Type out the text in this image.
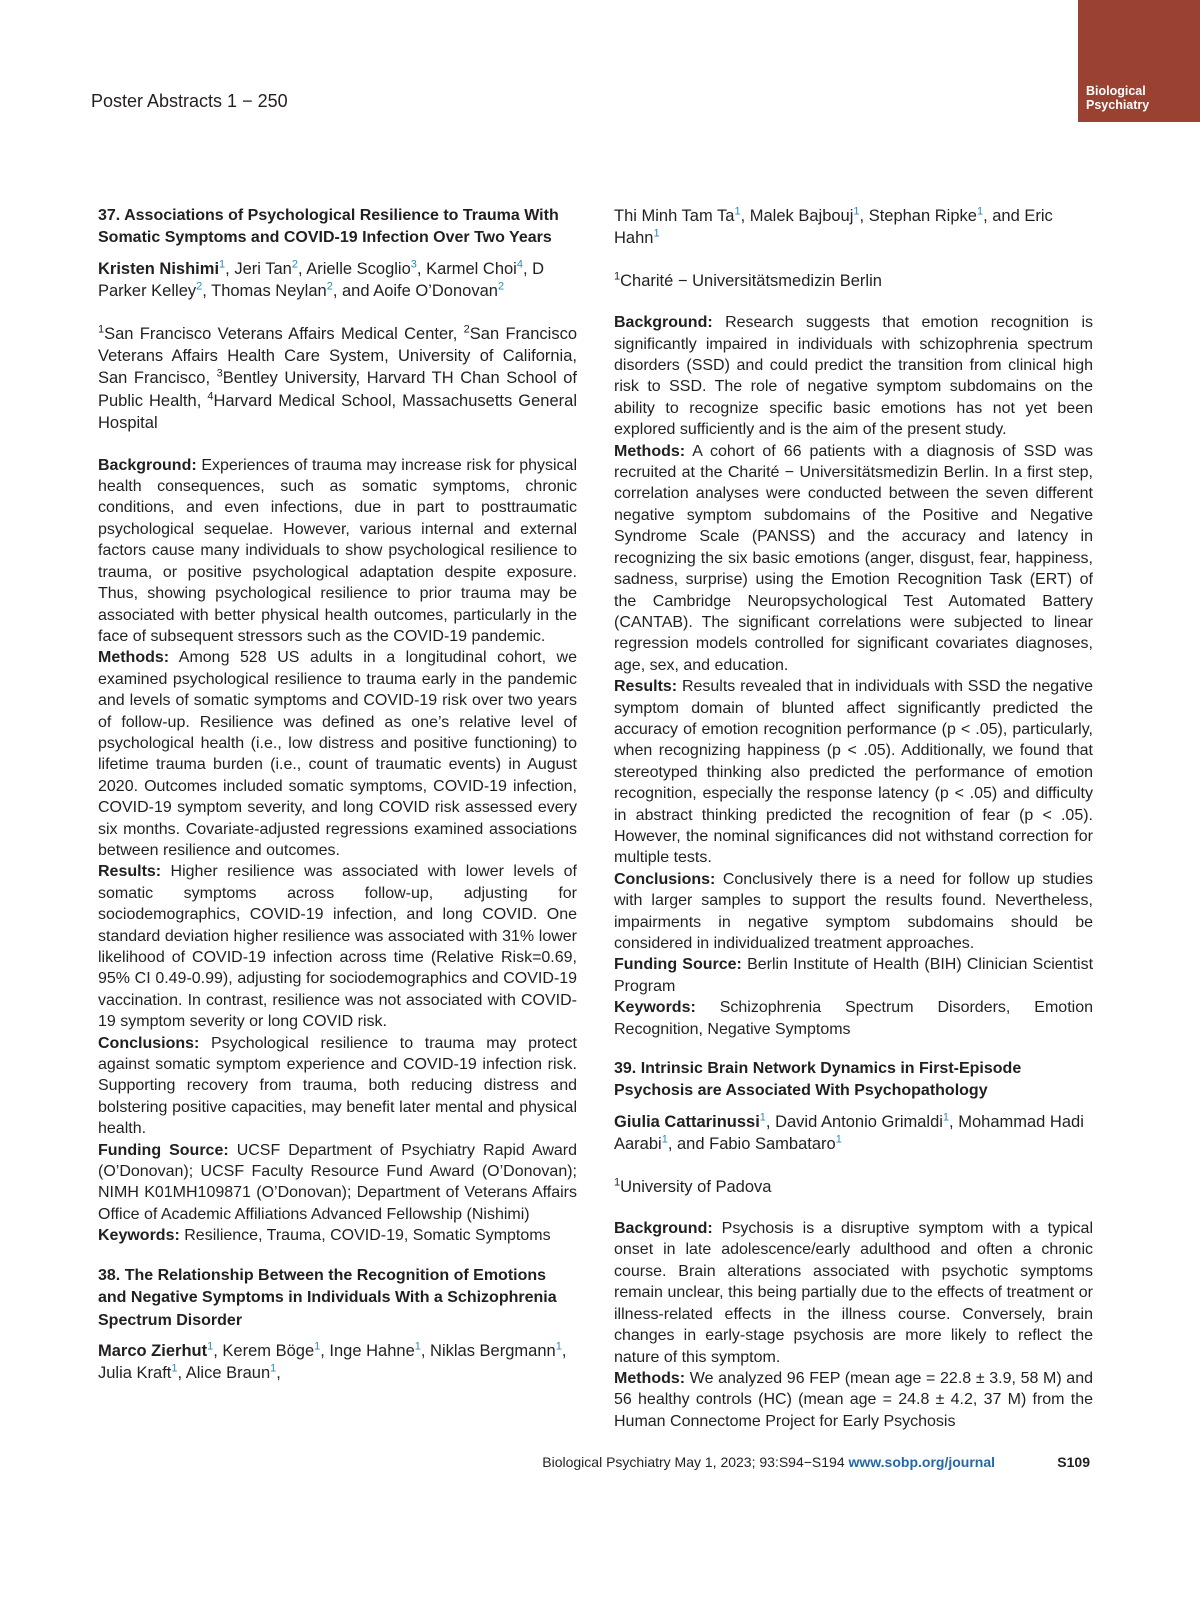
Poster Abstracts 1 − 250	Biological
Psychiatry

37. Associations of Psychological Resilience to Trauma With Somatic Symptoms and COVID-19 Infection Over Two Years

Kristen Nishimi$^1$, Jeri Tan$^2$, Arielle Scoglio$^3$, Karmel Choi$^4$, D Parker Kelley$^2$, Thomas Neylan$^2$, and Aoife O’Donovan$^2$

$^1$San Francisco Veterans Affairs Medical Center, $^2$San Francisco Veterans Affairs Health Care System, University of California, San Francisco, $^3$Bentley University, Harvard TH Chan School of Public Health, $^4$Harvard Medical School, Massachusetts General Hospital

Background: Experiences of trauma may increase risk for physical health consequences, such as somatic symptoms, chronic conditions, and even infections, due in part to posttraumatic psychological sequelae. However, various internal and external factors cause many individuals to show psychological resilience to trauma, or positive psychological adaptation despite exposure. Thus, showing psychological resilience to prior trauma may be associated with better physical health outcomes, particularly in the face of subsequent stressors such as the COVID-19 pandemic.

Methods: Among 528 US adults in a longitudinal cohort, we examined psychological resilience to trauma early in the pandemic and levels of somatic symptoms and COVID-19 risk over two years of follow-up. Resilience was defined as one’s relative level of psychological health (i.e., low distress and positive functioning) to lifetime trauma burden (i.e., count of traumatic events) in August 2020. Outcomes included somatic symptoms, COVID-19 infection, COVID-19 symptom severity, and long COVID risk assessed every six months. Covariate-adjusted regressions examined associations between resilience and outcomes.

Results: Higher resilience was associated with lower levels of somatic symptoms across follow-up, adjusting for sociodemographics, COVID-19 infection, and long COVID. One standard deviation higher resilience was associated with 31% lower likelihood of COVID-19 infection across time (Relative Risk=0.69, 95% CI 0.49-0.99), adjusting for sociodemographics and COVID-19 vaccination. In contrast, resilience was not associated with COVID-19 symptom severity or long COVID risk.

Conclusions: Psychological resilience to trauma may protect against somatic symptom experience and COVID-19 infection risk. Supporting recovery from trauma, both reducing distress and bolstering positive capacities, may benefit later mental and physical health.

Funding Source: UCSF Department of Psychiatry Rapid Award (O’Donovan); UCSF Faculty Resource Fund Award (O’Donovan); NIMH K01MH109871 (O’Donovan); Department of Veterans Affairs Office of Academic Affiliations Advanced Fellowship (Nishimi)

Keywords: Resilience, Trauma, COVID-19, Somatic Symptoms

38. The Relationship Between the Recognition of Emotions and Negative Symptoms in Individuals With a Schizophrenia Spectrum Disorder

Marco Zierhut$^1$, Kerem Böge$^1$, Inge Hahne$^1$, Niklas Bergmann$^1$, Julia Kraft$^1$, Alice Braun$^1$,

Thi Minh Tam Ta$^1$, Malek Bajbouj$^1$, Stephan Ripke$^1$, and Eric Hahn$^1$

$^1$Charité − Universitätsmedizin Berlin

Background: Research suggests that emotion recognition is significantly impaired in individuals with schizophrenia spectrum disorders (SSD) and could predict the transition from clinical high risk to SSD. The role of negative symptom subdomains on the ability to recognize specific basic emotions has not yet been explored sufficiently and is the aim of the present study.

Methods: A cohort of 66 patients with a diagnosis of SSD was recruited at the Charité − Universitätsmedizin Berlin. In a first step, correlation analyses were conducted between the seven different negative symptom subdomains of the Positive and Negative Syndrome Scale (PANSS) and the accuracy and latency in recognizing the six basic emotions (anger, disgust, fear, happiness, sadness, surprise) using the Emotion Recognition Task (ERT) of the Cambridge Neuropsychological Test Automated Battery (CANTAB). The significant correlations were subjected to linear regression models controlled for significant covariates diagnoses, age, sex, and education.

Results: Results revealed that in individuals with SSD the negative symptom domain of blunted affect significantly predicted the accuracy of emotion recognition performance (p < .05), particularly, when recognizing happiness (p < .05). Additionally, we found that stereotyped thinking also predicted the performance of emotion recognition, especially the response latency (p < .05) and difficulty in abstract thinking predicted the recognition of fear (p < .05). However, the nominal significances did not withstand correction for multiple tests.

Conclusions: Conclusively there is a need for follow up studies with larger samples to support the results found. Nevertheless, impairments in negative symptom subdomains should be considered in individualized treatment approaches.

Funding Source: Berlin Institute of Health (BIH) Clinician Scientist Program

Keywords: Schizophrenia Spectrum Disorders, Emotion Recognition, Negative Symptoms

39. Intrinsic Brain Network Dynamics in First-Episode Psychosis are Associated With Psychopathology

Giulia Cattarinussi$^1$, David Antonio Grimaldi$^1$, Mohammad Hadi Aarabi$^1$, and Fabio Sambataro$^1$

$^1$University of Padova

Background: Psychosis is a disruptive symptom with a typical onset in late adolescence/early adulthood and often a chronic course. Brain alterations associated with psychotic symptoms remain unclear, this being partially due to the effects of treatment or illness-related effects in the illness course. Conversely, brain changes in early-stage psychosis are more likely to reflect the nature of this symptom.

Methods: We analyzed 96 FEP (mean age = 22.8 ± 3.9, 58 M) and 56 healthy controls (HC) (mean age = 24.8 ± 4.2, 37 M) from the Human Connectome Project for Early Psychosis

Biological Psychiatry May 1, 2023; 93:S94−S194 www.sobp.org/journal	S109
